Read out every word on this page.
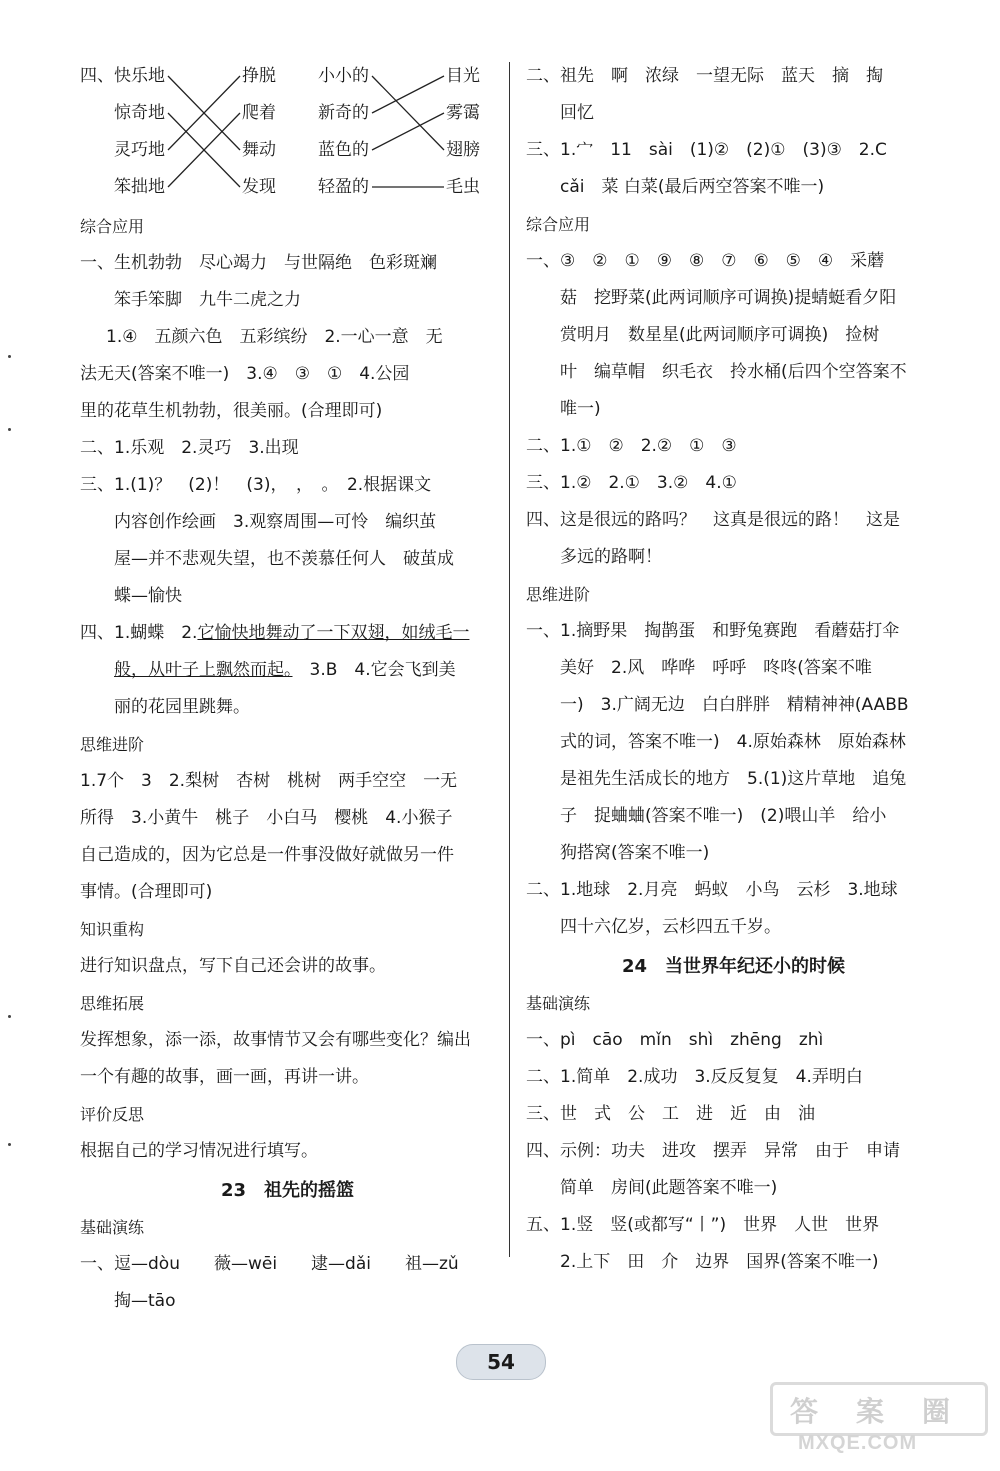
四、 快乐地
惊奇地
灵巧地
笨拙地
挣脱
爬着
舞动
发现
小小的
新奇的
蓝色的
轻盈的
目光
雾霭
翅膀
毛虫
综合应用
一、生机勃勃　尽心竭力　与世隔绝　色彩斑斓
笨手笨脚　九牛二虎之力
1.④　五颜六色　五彩缤纷　2.一心一意　无
法无天(答案不唯一)　3.④　③　①　4.公园
里的花草生机勃勃，很美丽。(合理即可)
二、1.乐观　2.灵巧　3.出现
三、1.(1)？　(2)！　(3)，　，　。　2.根据课文
内容创作绘画　3.观察周围—可怜　编织茧
屋—并不悲观失望，也不羡慕任何人　破茧成
蝶—愉快
四、1.蝴蝶　2.它愉快地舞动了一下双翅，如绒毛一
般，从叶子上飘然而起。　3.B　4.它会飞到美
丽的花园里跳舞。
思维进阶
1.7个　3　2.梨树　杏树　桃树　两手空空　一无
所得　3.小黄牛　桃子　小白马　樱桃　4.小猴子
自己造成的，因为它总是一件事没做好就做另一件
事情。(合理即可)
知识重构
进行知识盘点，写下自己还会讲的故事。
思维拓展
发挥想象，添一添，故事情节又会有哪些变化？编出
一个有趣的故事，画一画，再讲一讲。
评价反思
根据自己的学习情况进行填写。
23　祖先的摇篮
基础演练
一、逗—dòu　　薇—wēi　　逮—dǎi　　祖—zǔ
掏—tāo
二、祖先　啊　浓绿　一望无际　蓝天　摘　掏
回忆
三、1.宀　11　sài　(1)②　(2)①　(3)③　2.C
cǎi　菜 白菜(最后两空答案不唯一)
综合应用
一、③　②　①　⑨　⑧　⑦　⑥　⑤　④　采蘑
菇　挖野菜(此两词顺序可调换)提蜻蜓看夕阳
赏明月　数星星(此两词顺序可调换)　捡树
叶　编草帽　织毛衣　拎水桶(后四个空答案不
唯一)
二、1.①　②　2.②　①　③
三、1.②　2.①　3.②　4.①
四、这是很远的路吗？　这真是很远的路！　这是
多远的路啊！
思维进阶
一、1.摘野果　掏鹊蛋　和野兔赛跑　看蘑菇打伞
美好　2.风　哗哗　呼呼　咚咚(答案不唯
一)　3.广阔无边　白白胖胖　精精神神(AABB
式的词，答案不唯一)　4.原始森林　原始森林
是祖先生活成长的地方　5.(1)这片草地　追兔
子　捉蛐蛐(答案不唯一)　(2)喂山羊　给小
狗搭窝(答案不唯一)
二、1.地球　2.月亮　蚂蚁　小鸟　云杉　3.地球
四十六亿岁，云杉四五千岁。
24　当世界年纪还小的时候
基础演练
一、pì　cāo　mǐn　shì　zhēng　zhì
二、1.简单　2.成功　3.反反复复　4.弄明白
三、世　式　公　工　进　近　由　油
四、示例：功夫　进攻　摆弄　异常　由于　申请
简单　房间(此题答案不唯一)
五、1.竖　竖(或都写“丨”)　世界　人世　世界
2.上下　田　介　边界　国界(答案不唯一)
54
答 案 圈
MXQE.COM
